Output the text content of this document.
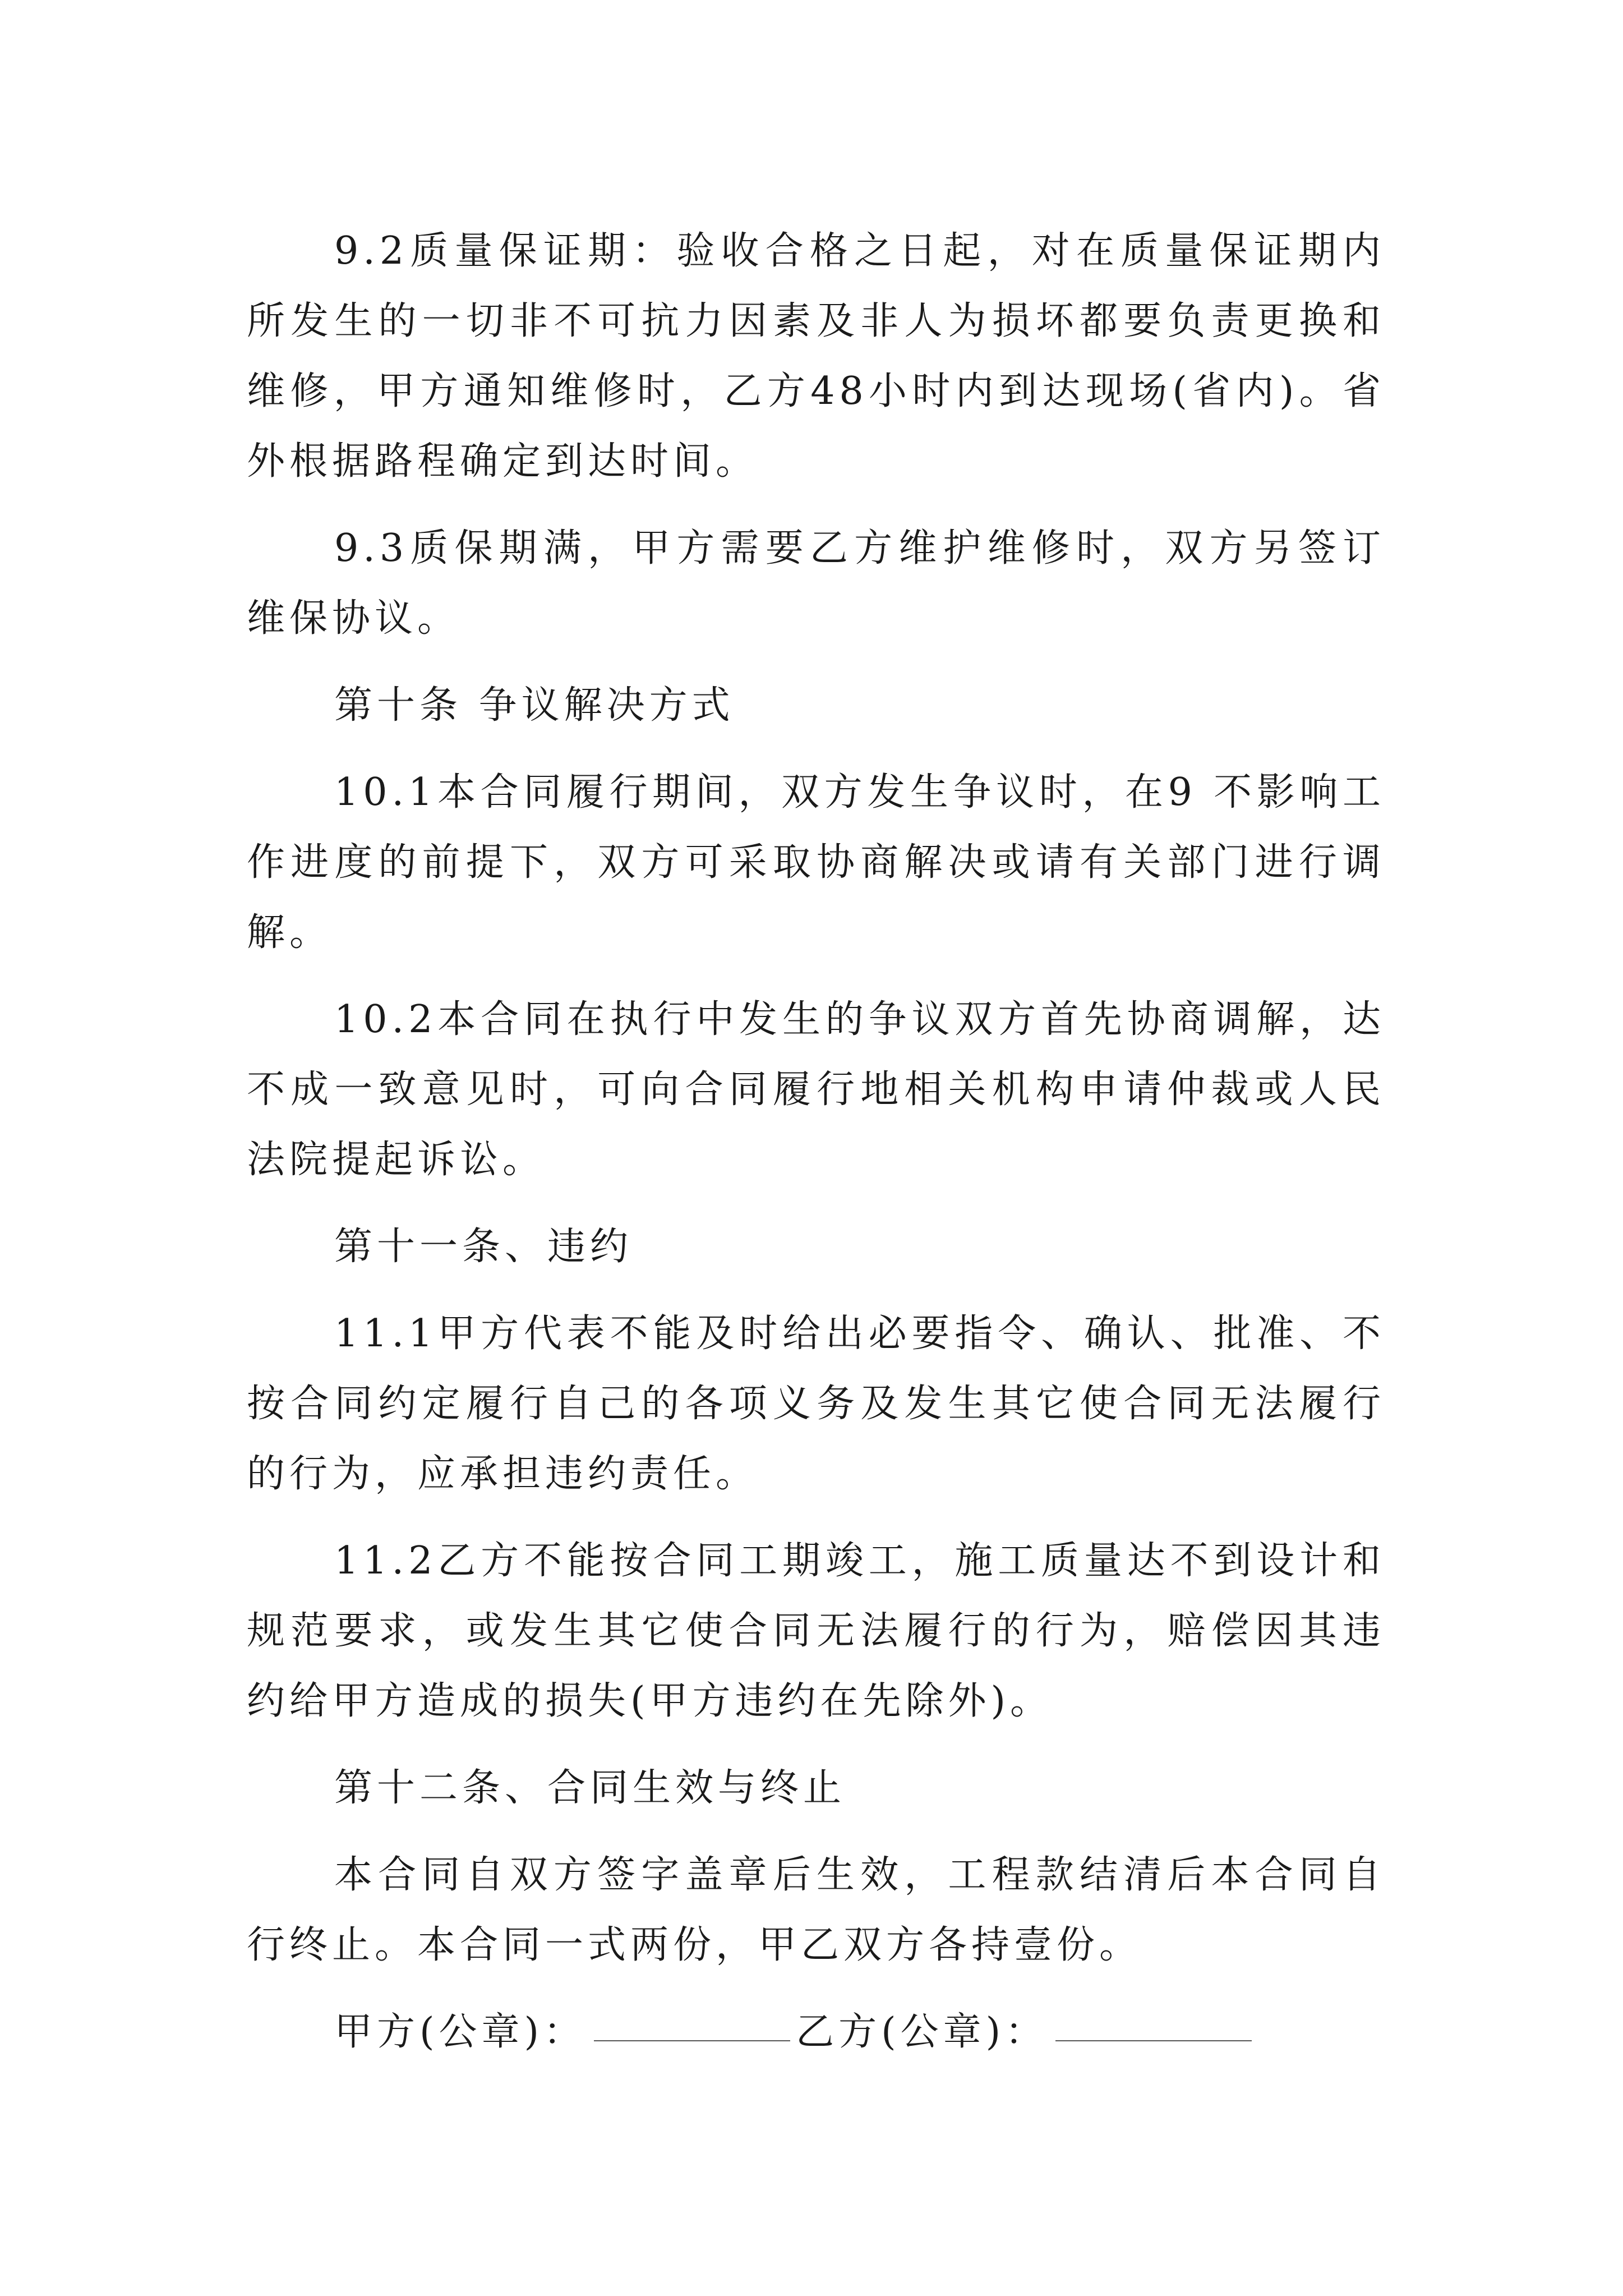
9.2质量保证期：验收合格之日起，对在质量保证期内所发生的一切非不可抗力因素及非人为损坏都要负责更换和维修，甲方通知维修时，乙方48小时内到达现场(省内)。省外根据路程确定到达时间。

9.3质保期满，甲方需要乙方维护维修时，双方另签订维保协议。

第十条 争议解决方式

10.1本合同履行期间，双方发生争议时，在9 不影响工作进度的前提下，双方可采取协商解决或请有关部门进行调解。

10.2本合同在执行中发生的争议双方首先协商调解，达不成一致意见时，可向合同履行地相关机构申请仲裁或人民法院提起诉讼。

第十一条、违约

11.1甲方代表不能及时给出必要指令、确认、批准、不按合同约定履行自己的各项义务及发生其它使合同无法履行的行为，应承担违约责任。

11.2乙方不能按合同工期竣工，施工质量达不到设计和规范要求，或发生其它使合同无法履行的行为，赔偿因其违约给甲方造成的损失(甲方违约在先除外)。

第十二条、合同生效与终止

本合同自双方签字盖章后生效，工程款结清后本合同自行终止。本合同一式两份，甲乙双方各持壹份。

甲方(公章)：	乙方(公章)：
